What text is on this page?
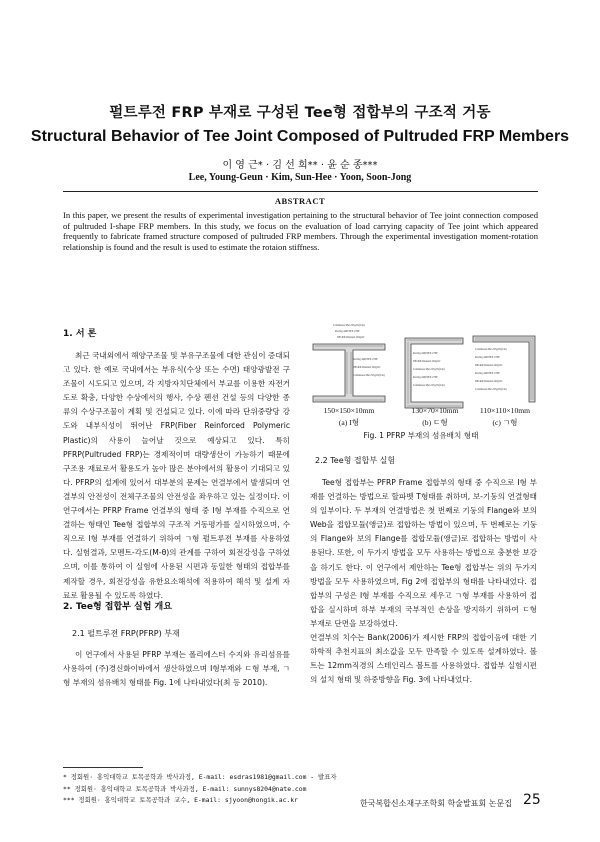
펄트루전 FRP 부재로 구성된 Tee형 접합부의 구조적 거동
Structural Behavior of Tee Joint Composed of Pultruded FRP Members
이 영 근* · 김 선 희** · 윤 순 종***
Lee, Young-Geun · Kim, Sun-Hee · Yoon, Soon-Jong
ABSTRACT
In this paper, we present the results of experimental investigation pertaining to the structural behavior of Tee joint connection composed of pultruded I-shape FRP members. In this study, we focus on the evaluation of load carrying capacity of Tee joint which appeared frequently to fabricate framed structure composed of pultruded FRP members. Through the experimental investigation moment-rotation relationship is found and the result is used to estimate the rotaion stiffness.
1. 서 론

최근 국내외에서 해양구조물 및 부유구조물에 대한 관심이 증대되고 있다. 한 예로 국내에서는 부유식(수상 또는 수면) 태양광발전 구조물이 시도되고 있으며, 각 지방자치단체에서 부교를 이용한 자전거도로 확충, 다양한 수상에서의 행사, 수상 펜션 건설 등의 다양한 종류의 수상구조물이 계획 및 건설되고 있다. 이에 따라 단위중량당 강도와 내부식성이 뛰어난 FRP(Fiber Reinforced Polymeric Plastic)의 사용이 늘어날 것으로 예상되고 있다. 특히 PFRP(Pultruded FRP)는 경제적이며 대량생산이 가능하기 때문에 구조용 재료로서 활용도가 높아 많은 분야에서의 활용이 기대되고 있다. PFRP의 설계에 있어서 대부분의 문제는 연결부에서 발생되며 연결부의 안전성이 전체구조물의 안전성을 좌우하고 있는 실정이다. 이 연구에서는 PFRP Frame 연결부의 형태 중 I형 부재를 수직으로 연결하는 형태인 Tee형 접합부의 구조적 거동평가를 실시하였으며, 수직으로 I형 부재를 연결하기 위하여 ㄱ형 펄트루젼 부재를 사용하였다. 실험결과, 모멘트-각도(M-θ)의 관계를 구하여 회전강성을 구하였으며, 이를 통하여 이 실험에 사용된 시편과 동일한 형태의 접합부를 제작할 경우, 회전강성을 유한요소해석에 적용하여 해석 및 설계 자료로 활용될 수 있도록 하였다.

2. Tee형 접합부 실험 개요
2.1 펄트루젼 FRP(PFRP) 부재

이 연구에서 사용된 PFRP 부재는 폴리에스터 수지와 유리섬유를 사용하여 (주)경신화이바에서 생산하였으며 I형부재와 ㄷ형 부재, ㄱ형 부재의 섬유배치 형태를 Fig. 1에 나타내었다(최 등 2010).

* 정회원· 홍익대학교 토목공학과 박사과정, E-mail: esdras1981@gmail.com - 발표자
** 정회원· 홍익대학교 토목공학과 박사과정, E-mail: sunnys8204@nate.com
*** 정회원· 홍익대학교 토목공학과 교수, E-mail: sjyoon@hongik.ac.kr
Continuous Mat 225g/m²(Cm)
Roving 4400TEX 270E
DB 400/Oriented 220g/m²
Roving 4400TEX 270E
DB 400/Oriented 220g/m²
Continuous Mat 225g/m²(Cm)
Roving 4400TEX 270E
DB 400/Oriented 220g/m²
Continuous Mat 225g/m²(Cm)
Roving 4400TEX 270E
Continuous Mat 225g/m²(Cm)
Continuous Mat 225g/m²(Cm)
Roving 4400TEX 270E
DB 400/Oriented 220g/m²
Roving 4400TEX 270E
DB 400/Oriented 220g/m²
Continuous Mat 225g/m²(Cm)
150×150×10mm	130×70×10mm	110×110×10mm
(a) I형	(b) ㄷ형	(c) ㄱ형
Fig. 1 PFRP 부재의 섬유배치 형태
2.2 Tee형 접합부 실험

Tee형 접합부는 PFRP Frame 접합부의 형태 중 수직으로 I형 부재를 연결하는 방법으로 할파벳 T형태를 취하며, 보-기둥의 연결형태의 일부이다. 두 부재의 연결방법은 첫 번째로 기둥의 Flange와 보의 Web을 접합모듈(앵글)로 접합하는 방법이 있으며, 두 번째로는 기둥의 Flange와 보의 Flange를 접합모듈(앵글)로 접합하는 방법이 사용된다. 또한, 이 두가지 방법을 모두 사용하는 방법으로 충분한 보강을 하기도 한다. 이 연구에서 제안하는 Tee형 접합부는 위의 두가지 방법을 모두 사용하였으며, Fig 2에 접합부의 형태를 나타내었다. 접합부의 구성은 I형 부재를 수직으로 세우고 ㄱ형 부재를 사용하여 접합을 실시하며 하부 부재의 국부적인 손상을 방지하기 위하여 ㄷ형 부재로 단면을 보강하였다.

연결부의 치수는 Bank(2006)가 제시한 FRP의 접합이음에 대한 기하학적 추천지표의 최소값을 모두 만족할 수 있도록 설계하였다. 볼트는 12mm직경의 스테인리스 볼트를 사용하였다. 접합부 실험시편의 설치 형태 및 하중방향을 Fig. 3에 나타내었다.

한국복합신소재구조학회 학술발표회 논문집 25
